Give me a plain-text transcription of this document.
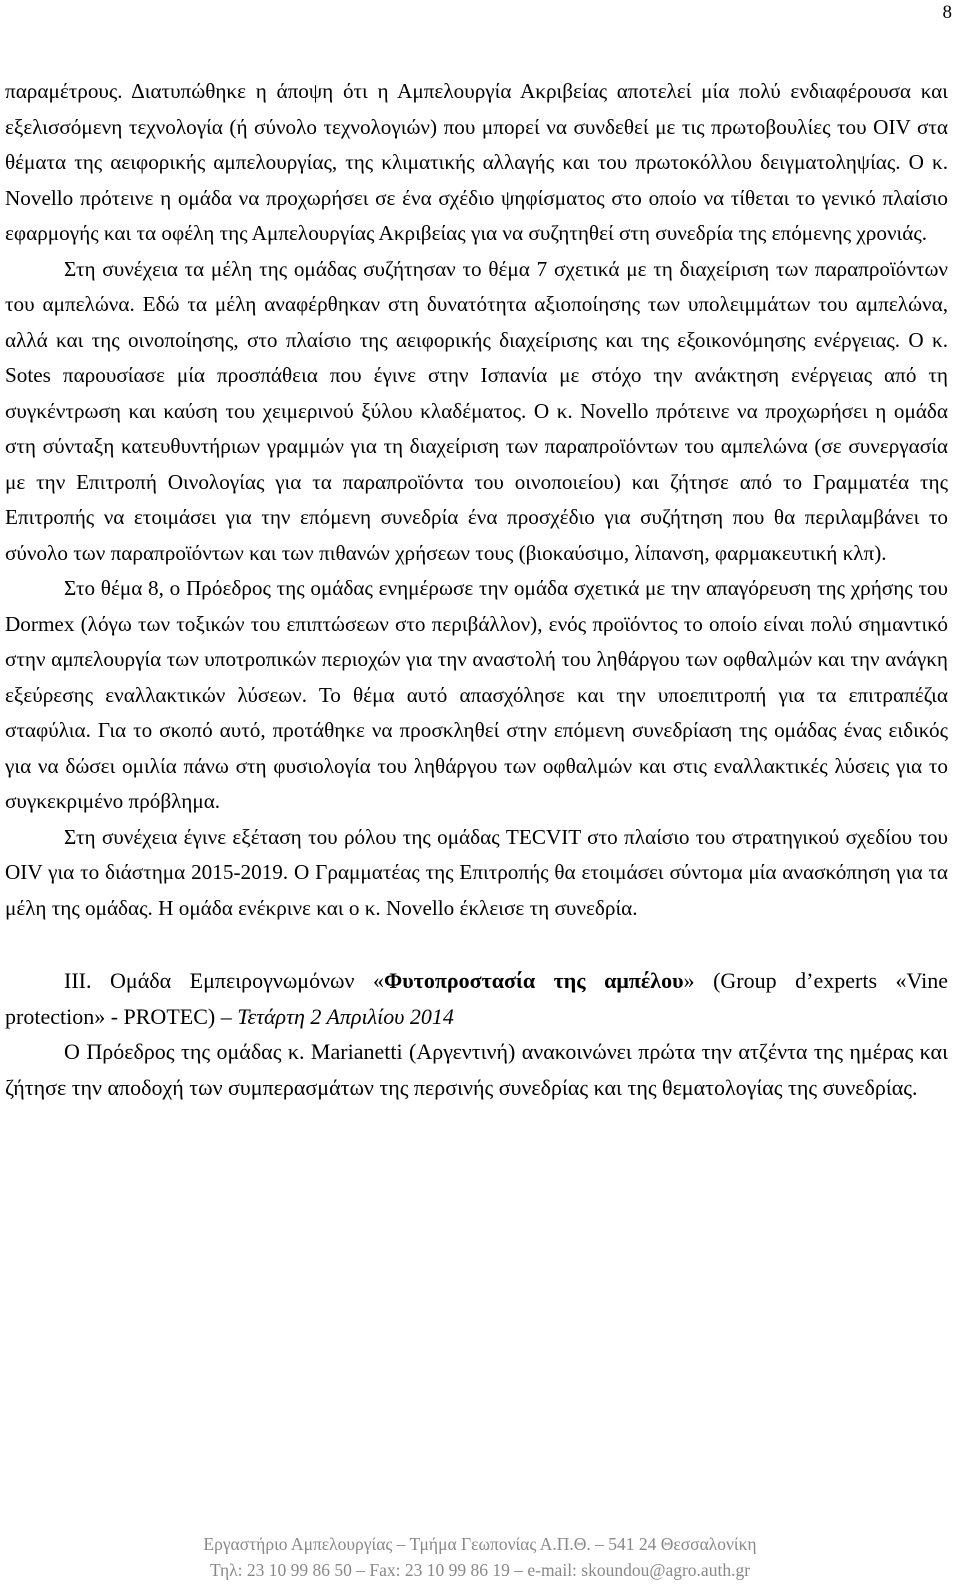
8

παραμέτρους. Διατυπώθηκε η άποψη ότι η Αμπελουργία Ακριβείας αποτελεί μία πολύ ενδιαφέρουσα και εξελισσόμενη τεχνολογία (ή σύνολο τεχνολογιών) που μπορεί να συνδεθεί με τις πρωτοβουλίες του OIV στα θέματα της αειφορικής αμπελουργίας, της κλιματικής αλλαγής και του πρωτοκόλλου δειγματοληψίας. Ο κ. Novello πρότεινε η ομάδα να προχωρήσει σε ένα σχέδιο ψηφίσματος στο οποίο να τίθεται το γενικό πλαίσιο εφαρμογής και τα οφέλη της Αμπελουργίας Ακριβείας για να συζητηθεί στη συνεδρία της επόμενης χρονιάς.

Στη συνέχεια τα μέλη της ομάδας συζήτησαν το θέμα 7 σχετικά με τη διαχείριση των παραπροϊόντων του αμπελώνα. Εδώ τα μέλη αναφέρθηκαν στη δυνατότητα αξιοποίησης των υπολειμμάτων του αμπελώνα, αλλά και της οινοποίησης, στο πλαίσιο της αειφορικής διαχείρισης και της εξοικονόμησης ενέργειας. Ο κ. Sotes παρουσίασε μία προσπάθεια που έγινε στην Ισπανία με στόχο την ανάκτηση ενέργειας από τη συγκέντρωση και καύση του χειμερινού ξύλου κλαδέματος. Ο κ. Novello πρότεινε να προχωρήσει η ομάδα στη σύνταξη κατευθυντήριων γραμμών για τη διαχείριση των παραπροϊόντων του αμπελώνα (σε συνεργασία με την Επιτροπή Οινολογίας για τα παραπροϊόντα του οινοποιείου) και ζήτησε από το Γραμματέα της Επιτροπής να ετοιμάσει για την επόμενη συνεδρία ένα προσχέδιο για συζήτηση που θα περιλαμβάνει το σύνολο των παραπροϊόντων και των πιθανών χρήσεων τους (βιοκαύσιμο, λίπανση, φαρμακευτική κλπ).

Στο θέμα 8, ο Πρόεδρος της ομάδας ενημέρωσε την ομάδα σχετικά με την απαγόρευση της χρήσης του Dormex (λόγω των τοξικών του επιπτώσεων στο περιβάλλον), ενός προϊόντος το οποίο είναι πολύ σημαντικό στην αμπελουργία των υποτροπικών περιοχών για την αναστολή του ληθάργου των οφθαλμών και την ανάγκη εξεύρεσης εναλλακτικών λύσεων. Το θέμα αυτό απασχόλησε και την υποεπιτροπή για τα επιτραπέζια σταφύλια. Για το σκοπό αυτό, προτάθηκε να προσκληθεί στην επόμενη συνεδρίαση της ομάδας ένας ειδικός για να δώσει ομιλία πάνω στη φυσιολογία του ληθάργου των οφθαλμών και στις εναλλακτικές λύσεις για το συγκεκριμένο πρόβλημα.

Στη συνέχεια έγινε εξέταση του ρόλου της ομάδας TECVIT στο πλαίσιο του στρατηγικού σχεδίου του OIV για το διάστημα 2015-2019. Ο Γραμματέας της Επιτροπής θα ετοιμάσει σύντομα μία ανασκόπηση για τα μέλη της ομάδας. Η ομάδα ενέκρινε και ο κ. Novello έκλεισε τη συνεδρία.

III. Ομάδα Εμπειρογνωμόνων «Φυτοπροστασία της αμπέλου» (Group d’experts «Vine protection» - PROTEC) – Τετάρτη 2 Απριλίου 2014

Ο Πρόεδρος της ομάδας κ. Marianetti (Αργεντινή) ανακοινώνει πρώτα την ατζέντα της ημέρας και ζήτησε την αποδοχή των συμπερασμάτων της περσινής συνεδρίας και της θεματολογίας της συνεδρίας.

Εργαστήριο Αμπελουργίας – Τμήμα Γεωπονίας Α.Π.Θ. – 541 24 Θεσσαλονίκη
Τηλ: 23 10 99 86 50 – Fax: 23 10 99 86 19 – e-mail: skoundou@agro.auth.gr
